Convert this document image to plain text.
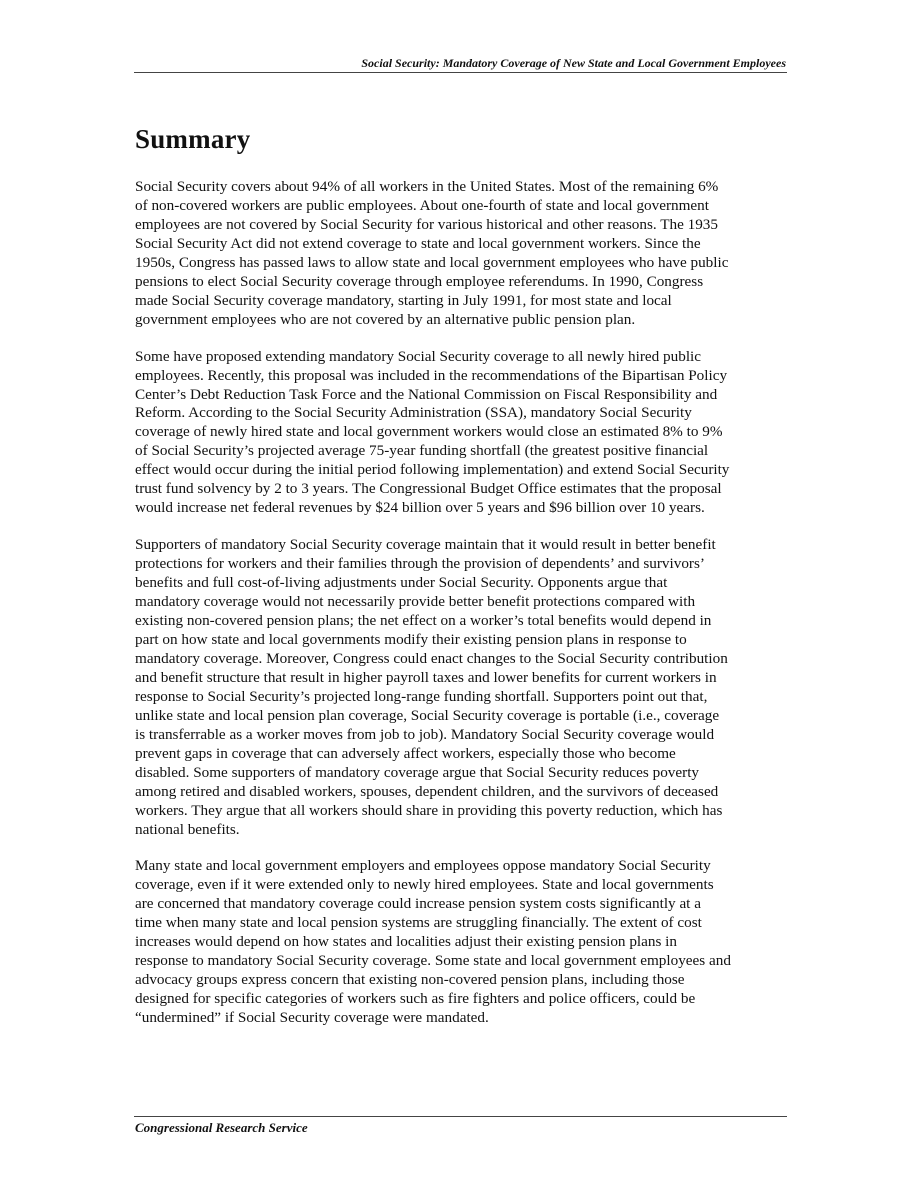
Social Security: Mandatory Coverage of New State and Local Government Employees
Summary

Social Security covers about 94% of all workers in the United States. Most of the remaining 6%
of non-covered workers are public employees. About one-fourth of state and local government
employees are not covered by Social Security for various historical and other reasons. The 1935
Social Security Act did not extend coverage to state and local government workers. Since the
1950s, Congress has passed laws to allow state and local government employees who have public
pensions to elect Social Security coverage through employee referendums. In 1990, Congress
made Social Security coverage mandatory, starting in July 1991, for most state and local
government employees who are not covered by an alternative public pension plan.

Some have proposed extending mandatory Social Security coverage to all newly hired public
employees. Recently, this proposal was included in the recommendations of the Bipartisan Policy
Center’s Debt Reduction Task Force and the National Commission on Fiscal Responsibility and
Reform. According to the Social Security Administration (SSA), mandatory Social Security
coverage of newly hired state and local government workers would close an estimated 8% to 9%
of Social Security’s projected average 75-year funding shortfall (the greatest positive financial
effect would occur during the initial period following implementation) and extend Social Security
trust fund solvency by 2 to 3 years. The Congressional Budget Office estimates that the proposal
would increase net federal revenues by $24 billion over 5 years and $96 billion over 10 years.

Supporters of mandatory Social Security coverage maintain that it would result in better benefit
protections for workers and their families through the provision of dependents’ and survivors’
benefits and full cost-of-living adjustments under Social Security. Opponents argue that
mandatory coverage would not necessarily provide better benefit protections compared with
existing non-covered pension plans; the net effect on a worker’s total benefits would depend in
part on how state and local governments modify their existing pension plans in response to
mandatory coverage. Moreover, Congress could enact changes to the Social Security contribution
and benefit structure that result in higher payroll taxes and lower benefits for current workers in
response to Social Security’s projected long-range funding shortfall. Supporters point out that,
unlike state and local pension plan coverage, Social Security coverage is portable (i.e., coverage
is transferrable as a worker moves from job to job). Mandatory Social Security coverage would
prevent gaps in coverage that can adversely affect workers, especially those who become
disabled. Some supporters of mandatory coverage argue that Social Security reduces poverty
among retired and disabled workers, spouses, dependent children, and the survivors of deceased
workers. They argue that all workers should share in providing this poverty reduction, which has
national benefits.

Many state and local government employers and employees oppose mandatory Social Security
coverage, even if it were extended only to newly hired employees. State and local governments
are concerned that mandatory coverage could increase pension system costs significantly at a
time when many state and local pension systems are struggling financially. The extent of cost
increases would depend on how states and localities adjust their existing pension plans in
response to mandatory Social Security coverage. Some state and local government employees and
advocacy groups express concern that existing non-covered pension plans, including those
designed for specific categories of workers such as fire fighters and police officers, could be
“undermined” if Social Security coverage were mandated.

Congressional Research Service
